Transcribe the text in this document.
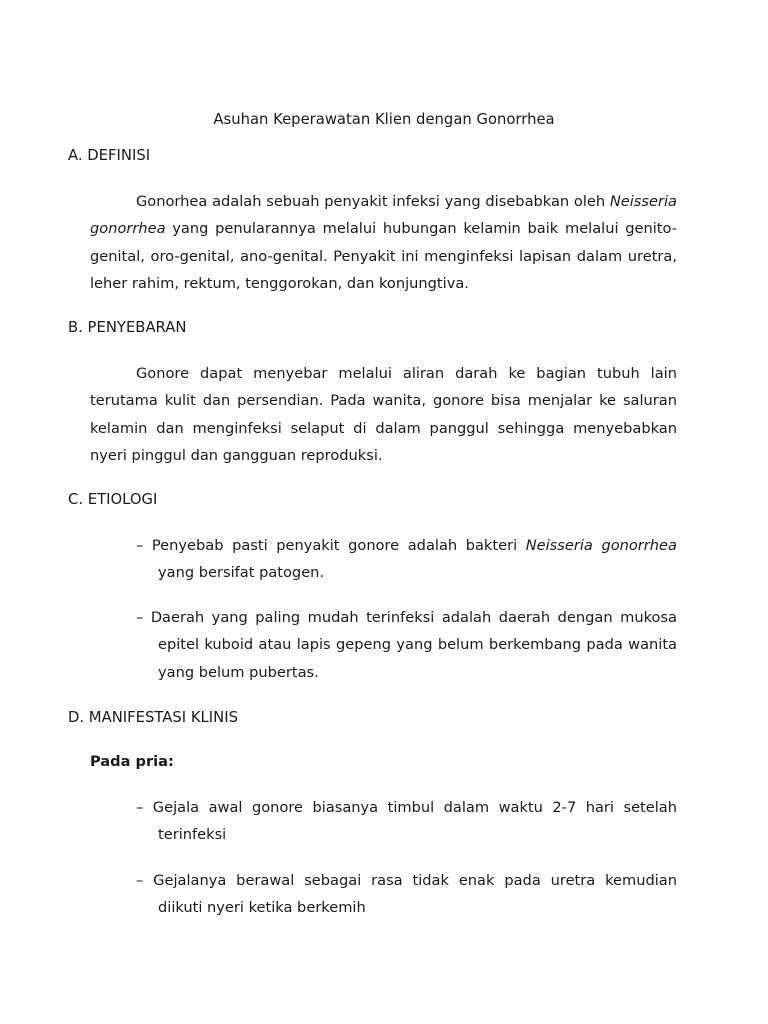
Asuhan Keperawatan Klien dengan Gonorrhea
A. DEFINISI
Gonorhea adalah sebuah penyakit infeksi yang disebabkan oleh Neisseria gonorrhea yang penularannya melalui hubungan kelamin baik melalui genito-genital, oro-genital, ano-genital. Penyakit ini menginfeksi lapisan dalam uretra, leher rahim, rektum, tenggorokan, dan konjungtiva.
B. PENYEBARAN
Gonore dapat menyebar melalui aliran darah ke bagian tubuh lain terutama kulit dan persendian. Pada wanita, gonore bisa menjalar ke saluran kelamin dan menginfeksi selaput di dalam panggul sehingga menyebabkan nyeri pinggul dan gangguan reproduksi.
C. ETIOLOGI
– Penyebab pasti penyakit gonore adalah bakteri Neisseria gonorrhea yang bersifat patogen.
– Daerah yang paling mudah terinfeksi adalah daerah dengan mukosa epitel kuboid atau lapis gepeng yang belum berkembang pada wanita yang belum pubertas.
D. MANIFESTASI KLINIS
Pada pria:
– Gejala awal gonore biasanya timbul dalam waktu 2-7 hari setelah terinfeksi
– Gejalanya berawal sebagai rasa tidak enak pada uretra kemudian diikuti nyeri ketika berkemih
